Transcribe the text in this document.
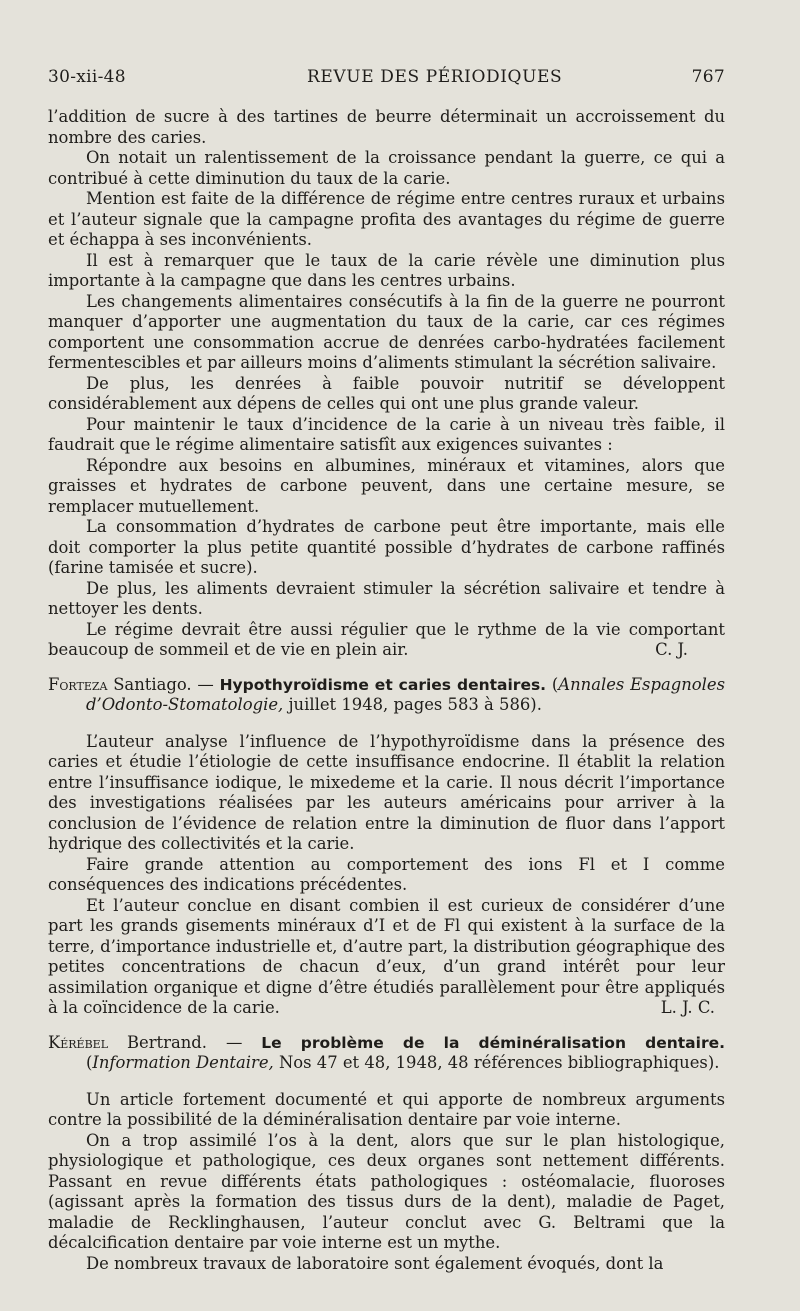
30-xii-48	REVUE DES PÉRIODIQUES	767

l’addition de sucre à des tartines de beurre déterminait un accroissement du nombre des caries.

On notait un ralentissement de la croissance pendant la guerre, ce qui a contribué à cette diminution du taux de la carie.

Mention est faite de la différence de régime entre centres ruraux et urbains et l’auteur signale que la campagne profita des avantages du régime de guerre et échappa à ses inconvénients.

Il est à remarquer que le taux de la carie révèle une diminution plus importante à la campagne que dans les centres urbains.

Les changements alimentaires consécutifs à la fin de la guerre ne pourront manquer d’apporter une augmentation du taux de la carie, car ces régimes comportent une consommation accrue de denrées carbo-hydratées facilement fermentescibles et par ailleurs moins d’aliments stimulant la sécrétion salivaire.

De plus, les denrées à faible pouvoir nutritif se développent considérablement aux dépens de celles qui ont une plus grande valeur.

Pour maintenir le taux d’incidence de la carie à un niveau très faible, il faudrait que le régime alimentaire satisfît aux exigences suivantes :

Répondre aux besoins en albumines, minéraux et vitamines, alors que graisses et hydrates de carbone peuvent, dans une certaine mesure, se remplacer mutuellement.

La consommation d’hydrates de carbone peut être importante, mais elle doit comporter la plus petite quantité possible d’hydrates de carbone raffinés (farine tamisée et sucre).

De plus, les aliments devraient stimuler la sécrétion salivaire et tendre à nettoyer les dents.

Le régime devrait être aussi régulier que le rythme de la vie comportant beaucoup de sommeil et de vie en plein air.	C. J.

Forteza Santiago. — Hypothyroïdisme et caries dentaires. (Annales Espagnoles d’Odonto-Stomatologie, juillet 1948, pages 583 à 586).

L’auteur analyse l’influence de l’hypothyroïdisme dans la présence des caries et étudie l’étiologie de cette insuffisance endocrine. Il établit la relation entre l’insuffisance iodique, le mixedeme et la carie. Il nous décrit l’importance des investigations réalisées par les auteurs américains pour arriver à la conclusion de l’évidence de relation entre la diminution de fluor dans l’apport hydrique des collectivités et la carie.

Faire grande attention au comportement des ions Fl et I comme conséquences des indications précédentes.

Et l’auteur conclue en disant combien il est curieux de considérer d’une part les grands gisements minéraux d’I et de Fl qui existent à la surface de la terre, d’importance industrielle et, d’autre part, la distribution géographique des petites concentrations de chacun d’eux, d’un grand intérêt pour leur assimilation organique et digne d’être étudiés parallèlement pour être appliqués à la coïncidence de la carie.	L. J. C.

Kérébel Bertrand. — Le problème de la déminéralisation dentaire. (Information Dentaire, Nos 47 et 48, 1948, 48 références bibliographiques).

Un article fortement documenté et qui apporte de nombreux arguments contre la possibilité de la déminéralisation dentaire par voie interne.

On a trop assimilé l’os à la dent, alors que sur le plan histologique, physiologique et pathologique, ces deux organes sont nettement différents. Passant en revue différents états pathologiques : ostéomalacie, fluoroses (agissant après la formation des tissus durs de la dent), maladie de Paget, maladie de Recklinghausen, l’auteur conclut avec G. Beltrami que la décalcification dentaire par voie interne est un mythe.

De nombreux travaux de laboratoire sont également évoqués, dont la
